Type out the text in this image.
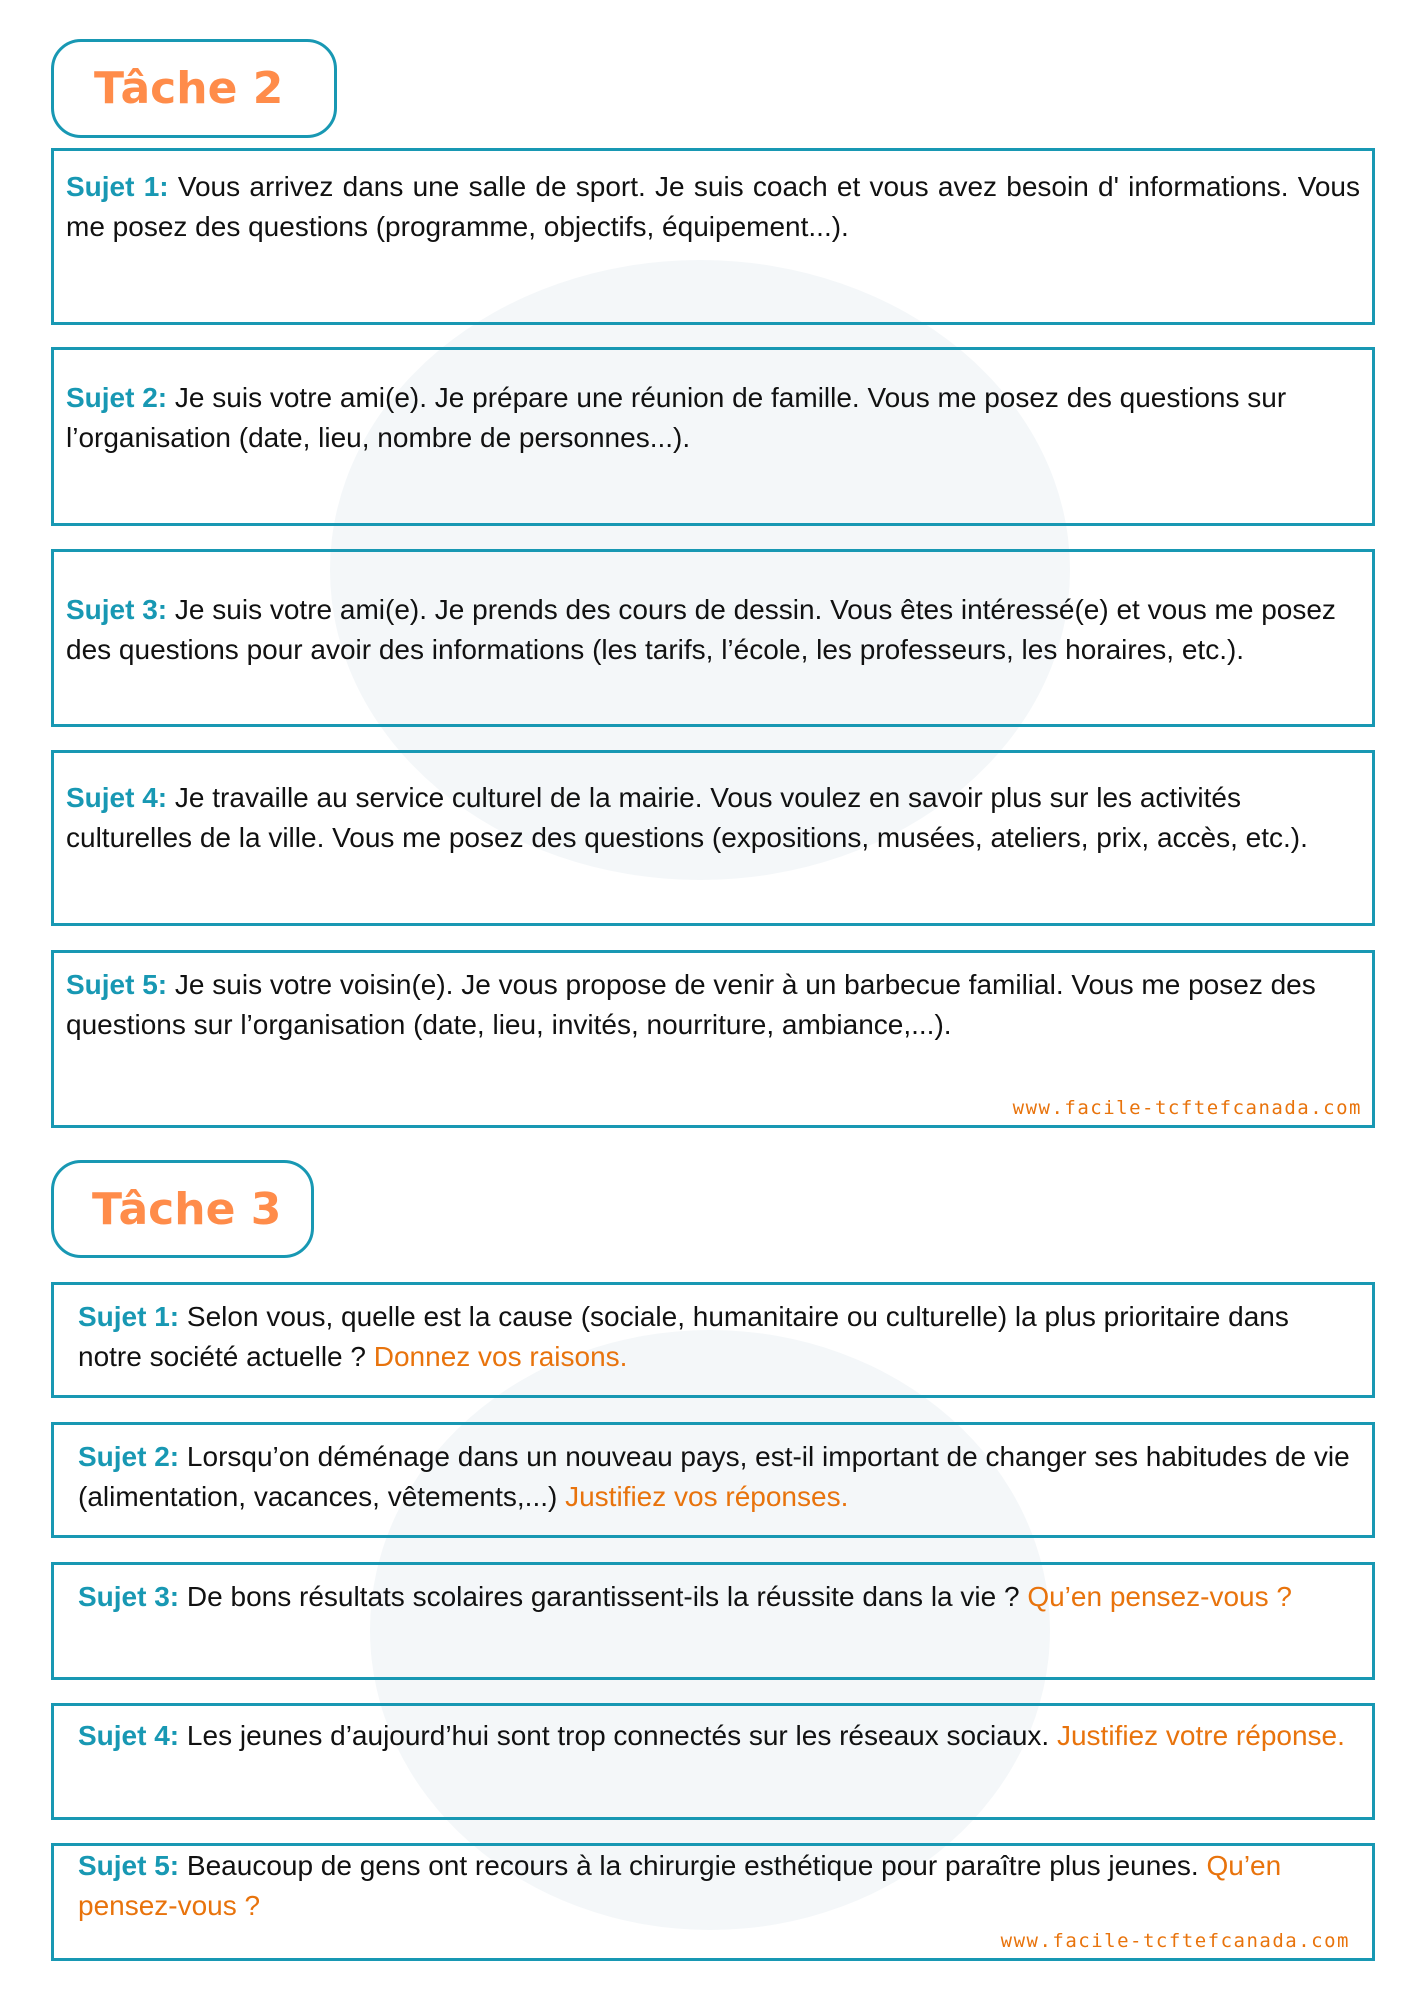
Tâche 2

Sujet 1: Vous arrivez dans une salle de sport. Je suis coach et vous avez besoin d' informations. Vous me posez des questions (programme, objectifs, équipement...).

Sujet 2: Je suis votre ami(e). Je prépare une réunion de famille. Vous me posez des questions sur l’organisation (date, lieu, nombre de personnes...).

Sujet 3: Je suis votre ami(e). Je prends des cours de dessin. Vous êtes intéressé(e) et vous me posez des questions pour avoir des informations (les tarifs, l’école, les professeurs, les horaires, etc.).

Sujet 4: Je travaille au service culturel de la mairie. Vous voulez en savoir plus sur les activités culturelles de la ville. Vous me posez des questions (expositions, musées, ateliers, prix, accès, etc.).

Sujet 5: Je suis votre voisin(e). Je vous propose de venir à un barbecue familial. Vous me posez des questions sur l’organisation (date, lieu, invités, nourriture, ambiance,...).

www.facile-tcftefcanada.com
Tâche 3

Sujet 1: Selon vous, quelle est la cause (sociale, humanitaire ou culturelle) la plus prioritaire dans notre société actuelle ? Donnez vos raisons.

Sujet 2: Lorsqu’on déménage dans un nouveau pays, est-il important de changer ses habitudes de vie (alimentation, vacances, vêtements,...) Justifiez vos réponses.

Sujet 3: De bons résultats scolaires garantissent-ils la réussite dans la vie ? Qu’en pensez-vous ?

Sujet 4: Les jeunes d’aujourd’hui sont trop connectés sur les réseaux sociaux. Justifiez votre réponse.

Sujet 5: Beaucoup de gens ont recours à la chirurgie esthétique pour paraître plus jeunes. Qu’en pensez-vous ?

www.facile-tcftefcanada.com
